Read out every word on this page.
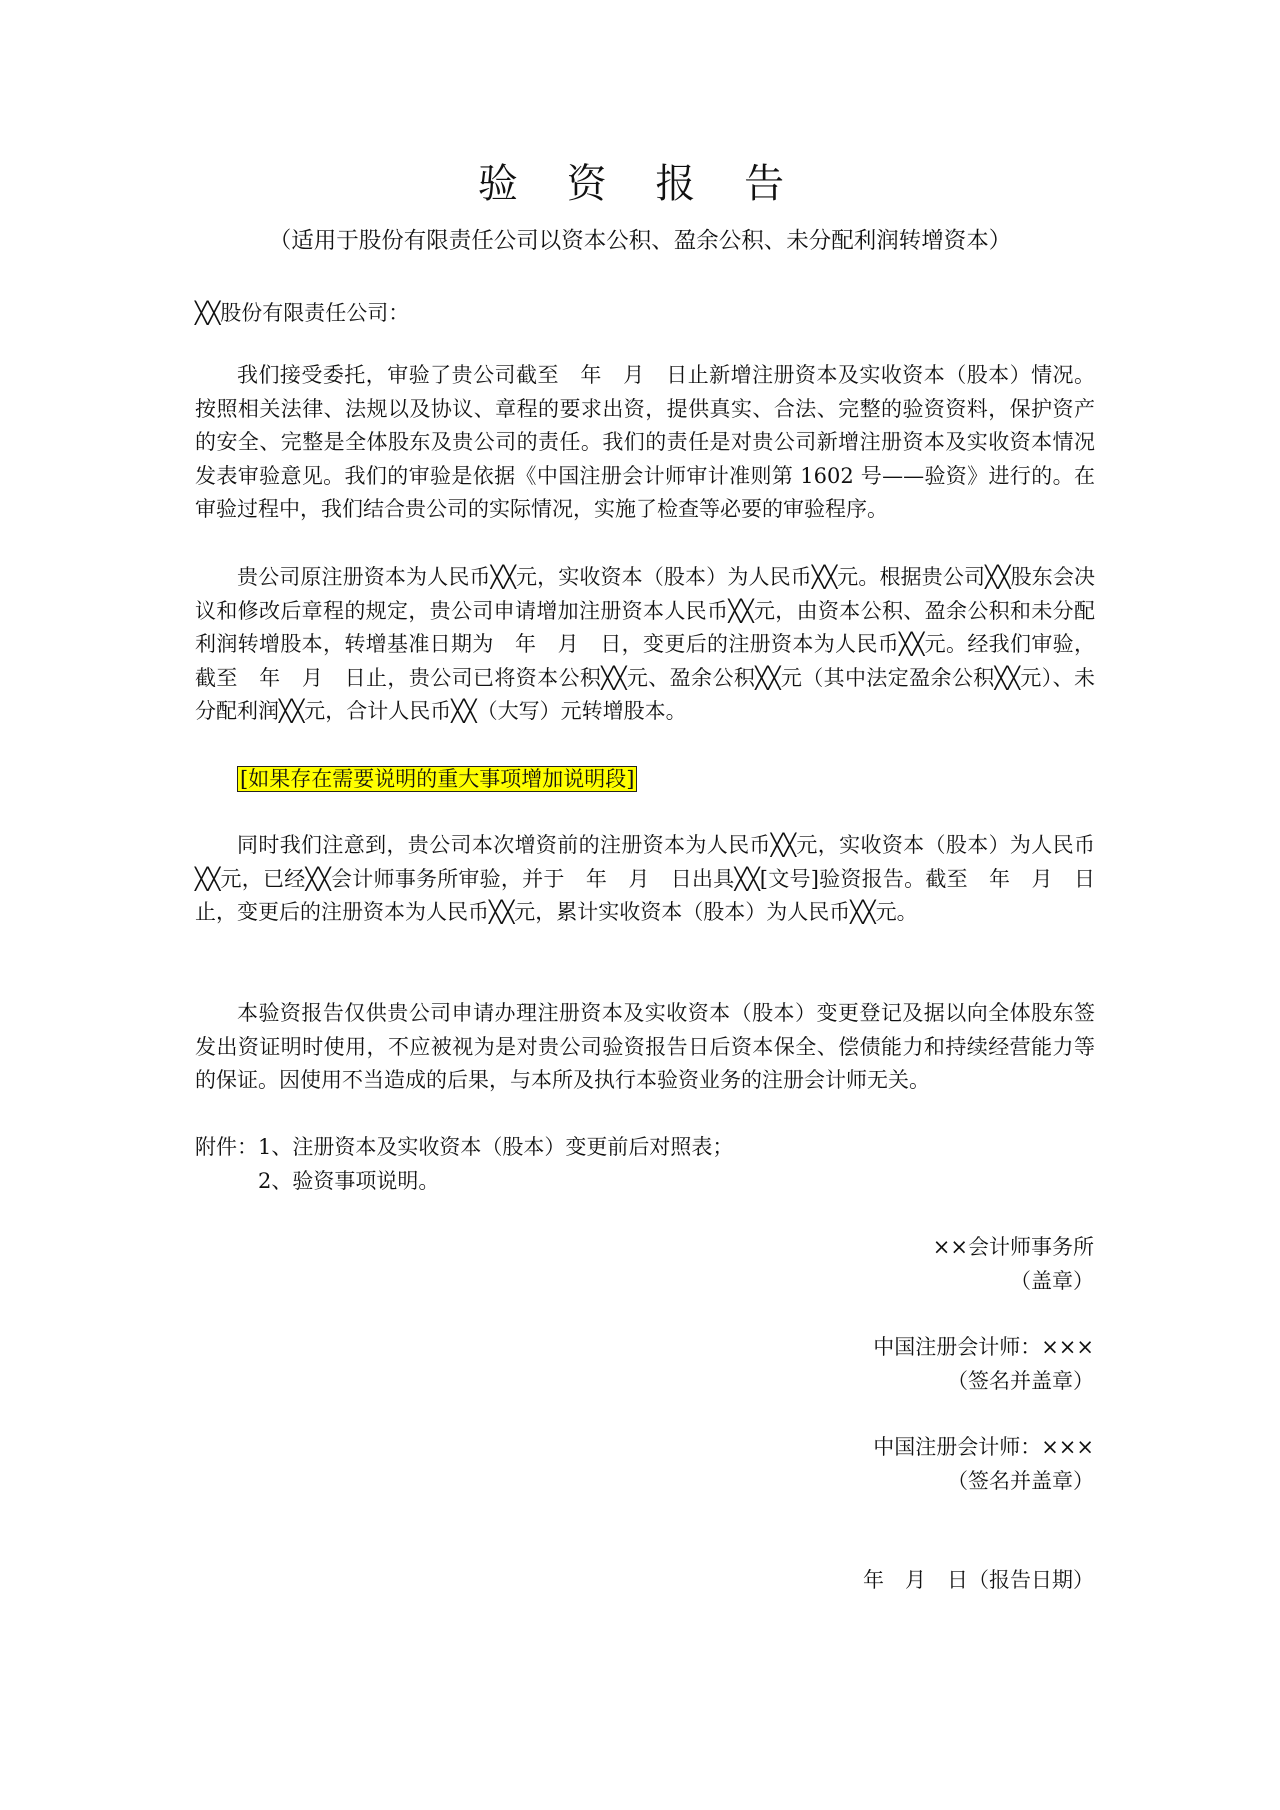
验 资 报 告
（适用于股份有限责任公司以资本公积、盈余公积、未分配利润转增资本）
╳╳股份有限责任公司：
我们接受委托，审验了贵公司截至　年　月　日止新增注册资本及实收资本（股本）情况。按照相关法律、法规以及协议、章程的要求出资，提供真实、合法、完整的验资资料，保护资产的安全、完整是全体股东及贵公司的责任。我们的责任是对贵公司新增注册资本及实收资本情况发表审验意见。我们的审验是依据《中国注册会计师审计准则第 1602 号——验资》进行的。在审验过程中，我们结合贵公司的实际情况，实施了检查等必要的审验程序。
贵公司原注册资本为人民币╳╳元，实收资本（股本）为人民币╳╳元。根据贵公司╳╳股东会决议和修改后章程的规定，贵公司申请增加注册资本人民币╳╳元，由资本公积、盈余公积和未分配利润转增股本，转增基准日期为　年　月　日，变更后的注册资本为人民币╳╳元。经我们审验，截至　年　月　日止，贵公司已将资本公积╳╳元、盈余公积╳╳元（其中法定盈余公积╳╳元）、未分配利润╳╳元，合计人民币╳╳（大写）元转增股本。
[如果存在需要说明的重大事项增加说明段]
同时我们注意到，贵公司本次增资前的注册资本为人民币╳╳元，实收资本（股本）为人民币╳╳元，已经╳╳会计师事务所审验，并于　年　月　日出具╳╳[文号]验资报告。截至　年　月　日止，变更后的注册资本为人民币╳╳元，累计实收资本（股本）为人民币╳╳元。
本验资报告仅供贵公司申请办理注册资本及实收资本（股本）变更登记及据以向全体股东签发出资证明时使用，不应被视为是对贵公司验资报告日后资本保全、偿债能力和持续经营能力等的保证。因使用不当造成的后果，与本所及执行本验资业务的注册会计师无关。
附件：1、注册资本及实收资本（股本）变更前后对照表；
2、验资事项说明。
××会计师事务所
（盖章）
中国注册会计师：×××
（签名并盖章）
中国注册会计师：×××
（签名并盖章）
年　月　日（报告日期）
